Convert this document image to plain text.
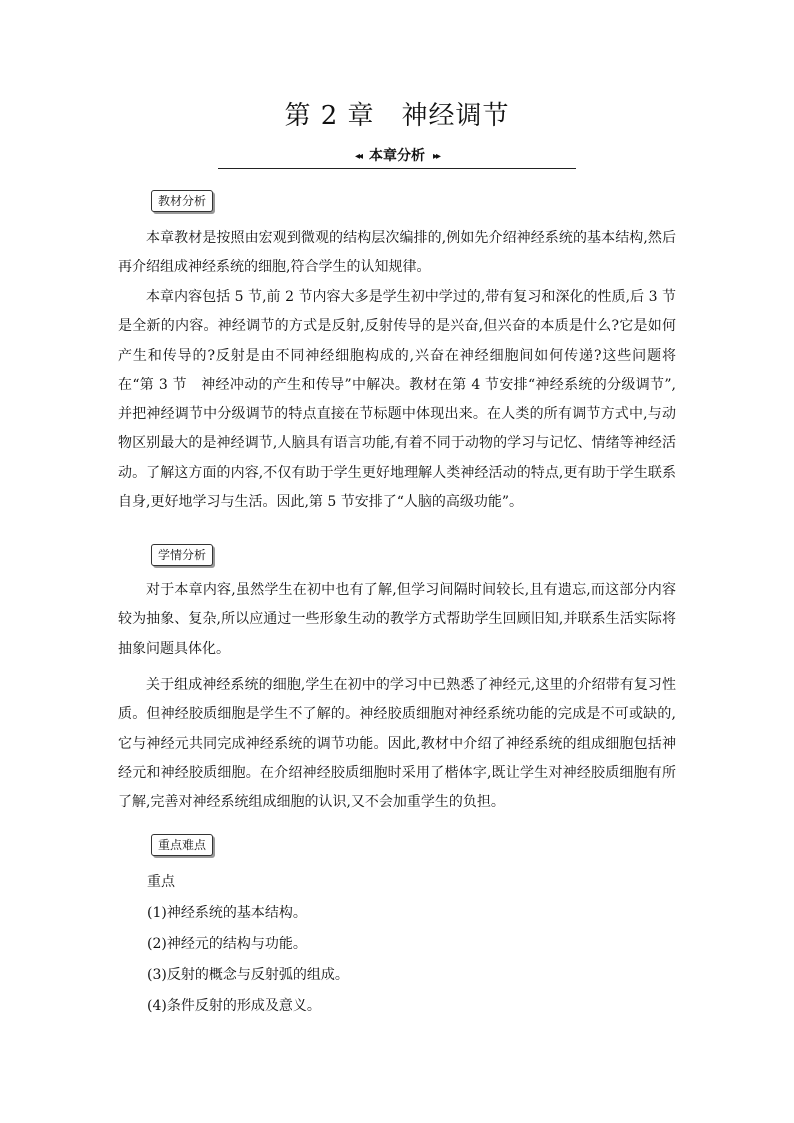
第 2 章　神经调节
◂◂ 本章分析 ▸▸
教材分析

本章教材是按照由宏观到微观的结构层次编排的,例如先介绍神经系统的基本结构,然后再介绍组成神经系统的细胞,符合学生的认知规律。

本章内容包括 5 节,前 2 节内容大多是学生初中学过的,带有复习和深化的性质,后 3 节是全新的内容。神经调节的方式是反射,反射传导的是兴奋,但兴奋的本质是什么?它是如何产生和传导的?反射是由不同神经细胞构成的,兴奋在神经细胞间如何传递?这些问题将在“第 3 节　神经冲动的产生和传导”中解决。教材在第 4 节安排“神经系统的分级调节”,并把神经调节中分级调节的特点直接在节标题中体现出来。在人类的所有调节方式中,与动物区别最大的是神经调节,人脑具有语言功能,有着不同于动物的学习与记忆、情绪等神经活动。了解这方面的内容,不仅有助于学生更好地理解人类神经活动的特点,更有助于学生联系自身,更好地学习与生活。因此,第 5 节安排了“人脑的高级功能”。

学情分析

对于本章内容,虽然学生在初中也有了解,但学习间隔时间较长,且有遗忘,而这部分内容较为抽象、复杂,所以应通过一些形象生动的教学方式帮助学生回顾旧知,并联系生活实际将抽象问题具体化。

关于组成神经系统的细胞,学生在初中的学习中已熟悉了神经元,这里的介绍带有复习性质。但神经胶质细胞是学生不了解的。神经胶质细胞对神经系统功能的完成是不可或缺的,它与神经元共同完成神经系统的调节功能。因此,教材中介绍了神经系统的组成细胞包括神经元和神经胶质细胞。在介绍神经胶质细胞时采用了楷体字,既让学生对神经胶质细胞有所了解,完善对神经系统组成细胞的认识,又不会加重学生的负担。

重点难点

重点

(1)神经系统的基本结构。

(2)神经元的结构与功能。

(3)反射的概念与反射弧的组成。

(4)条件反射的形成及意义。
